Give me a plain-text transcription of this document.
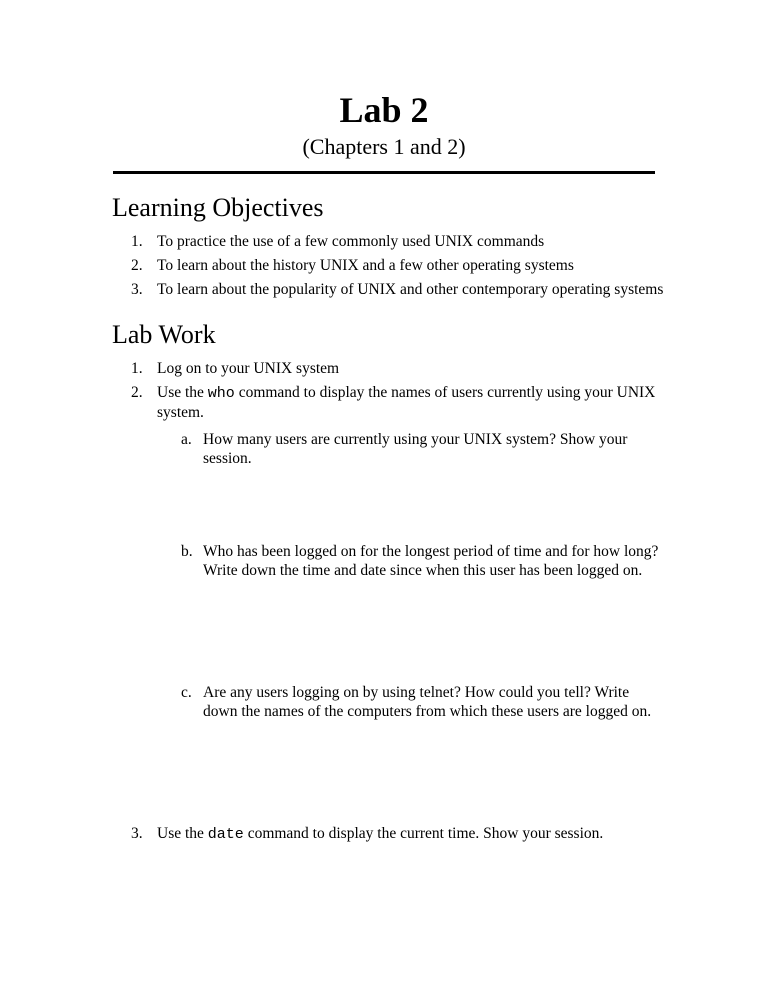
Lab 2
(Chapters 1 and 2)
Learning Objectives
1. To practice the use of a few commonly used UNIX commands
2. To learn about the history UNIX and a few other operating systems
3. To learn about the popularity of UNIX and other contemporary operating systems
Lab Work
1. Log on to your UNIX system
2. Use the who command to display the names of users currently using your UNIX system.
a. How many users are currently using your UNIX system? Show your session.
b. Who has been logged on for the longest period of time and for how long? Write down the time and date since when this user has been logged on.
c. Are any users logging on by using telnet? How could you tell? Write down the names of the computers from which these users are logged on.
3. Use the date command to display the current time. Show your session.
